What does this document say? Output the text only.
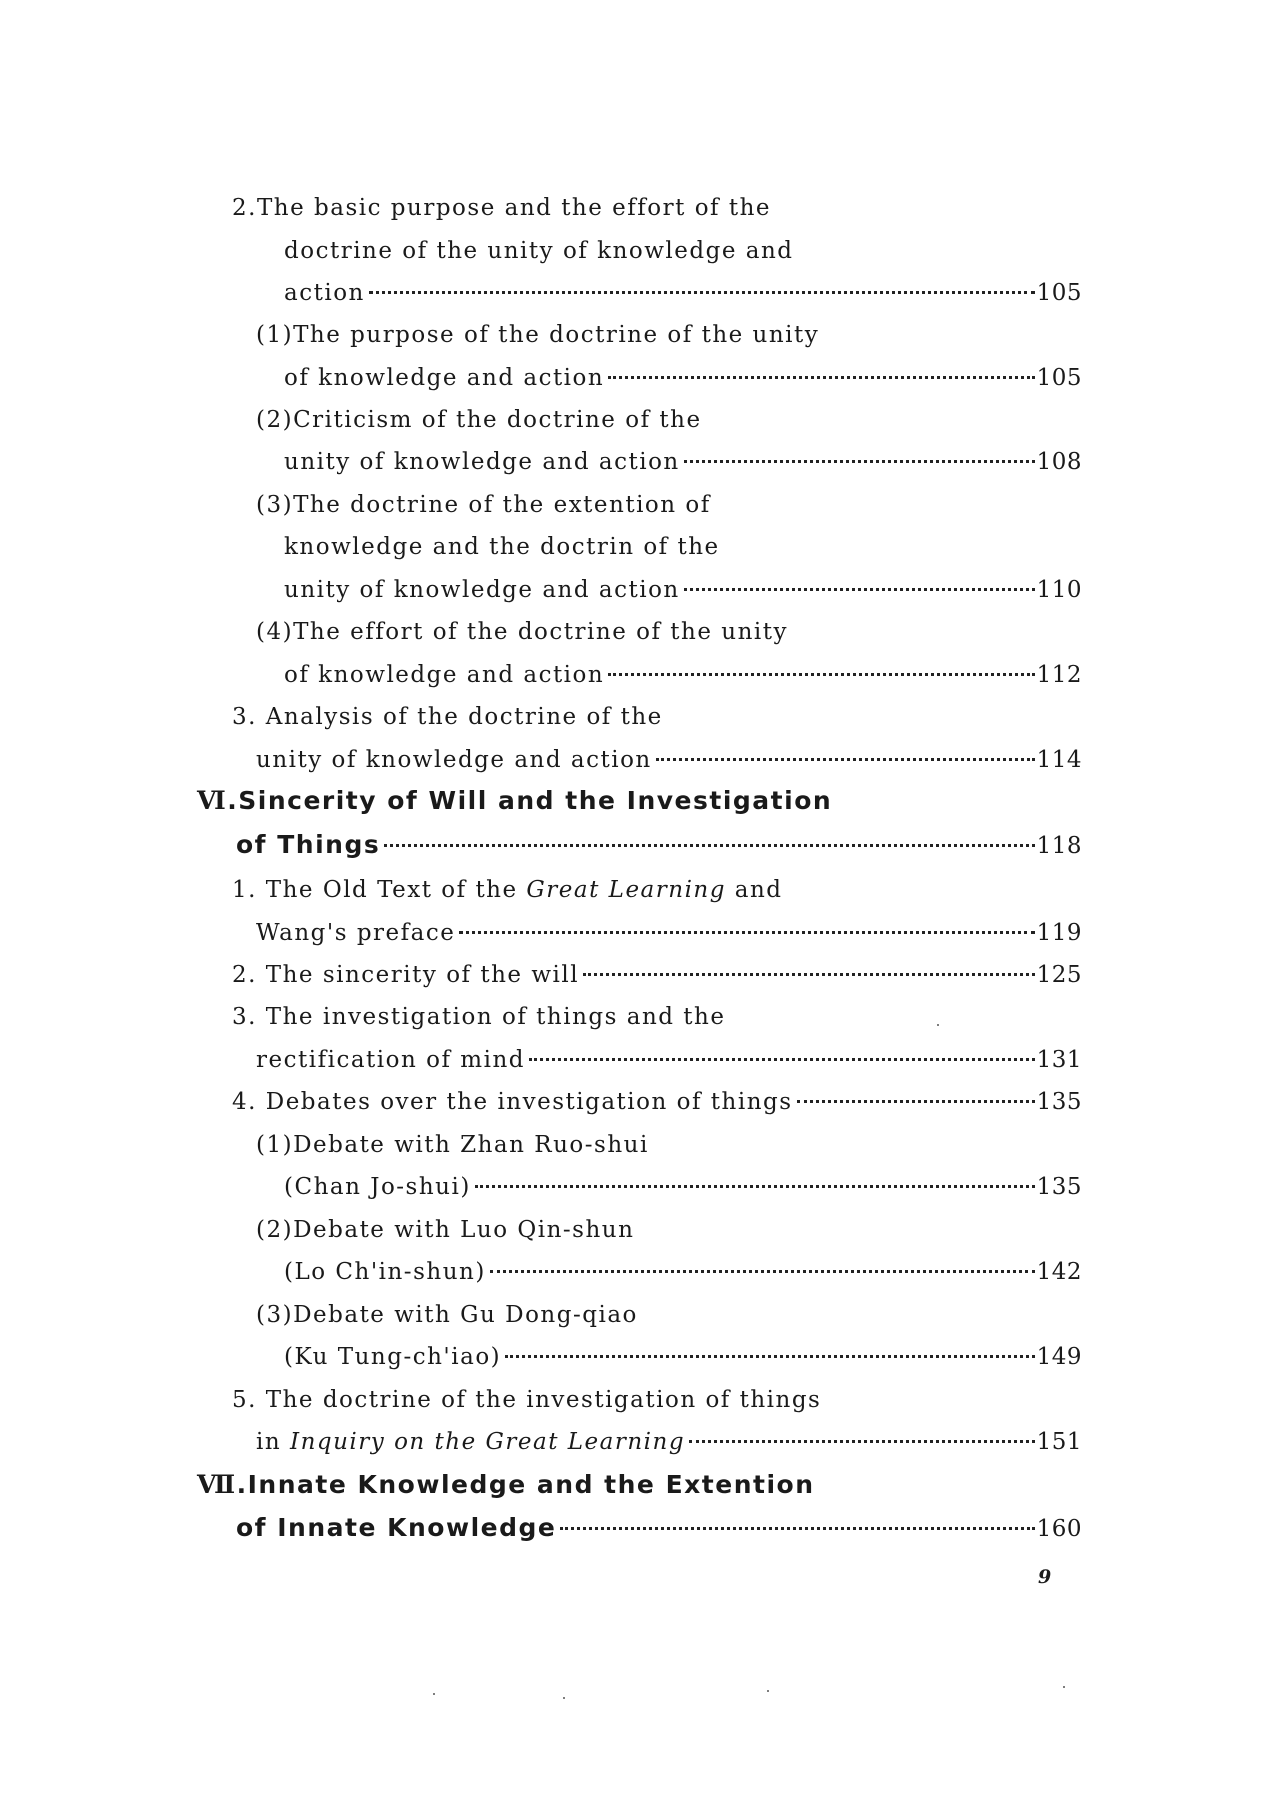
2.The basic purpose and the effort of the
doctrine of the unity of knowledge and
action	105
(1)The purpose of the doctrine of the unity
of knowledge and action	105
(2)Criticism of the doctrine of the
unity of knowledge and action	108
(3)The doctrine of the extention of
knowledge and the doctrin of the
unity of knowledge and action	110
(4)The effort of the doctrine of the unity
of knowledge and action	112
3. Analysis of the doctrine of the
unity of knowledge and action	114
Ⅵ.Sincerity of Will and the Investigation
of Things	118
1. The Old Text of the Great Learning and
Wang's preface	119
2. The sincerity of the will	125
3. The investigation of things and the
rectification of mind	131
4. Debates over the investigation of things	135
(1)Debate with Zhan Ruo-shui
(Chan Jo-shui)	135
(2)Debate with Luo Qin-shun
(Lo Ch'in-shun)	142
(3)Debate with Gu Dong-qiao
(Ku Tung-ch'iao)	149
5. The doctrine of the investigation of things
in Inquiry on the Great Learning	151
Ⅶ.Innate Knowledge and the Extention
of Innate Knowledge	160
9
